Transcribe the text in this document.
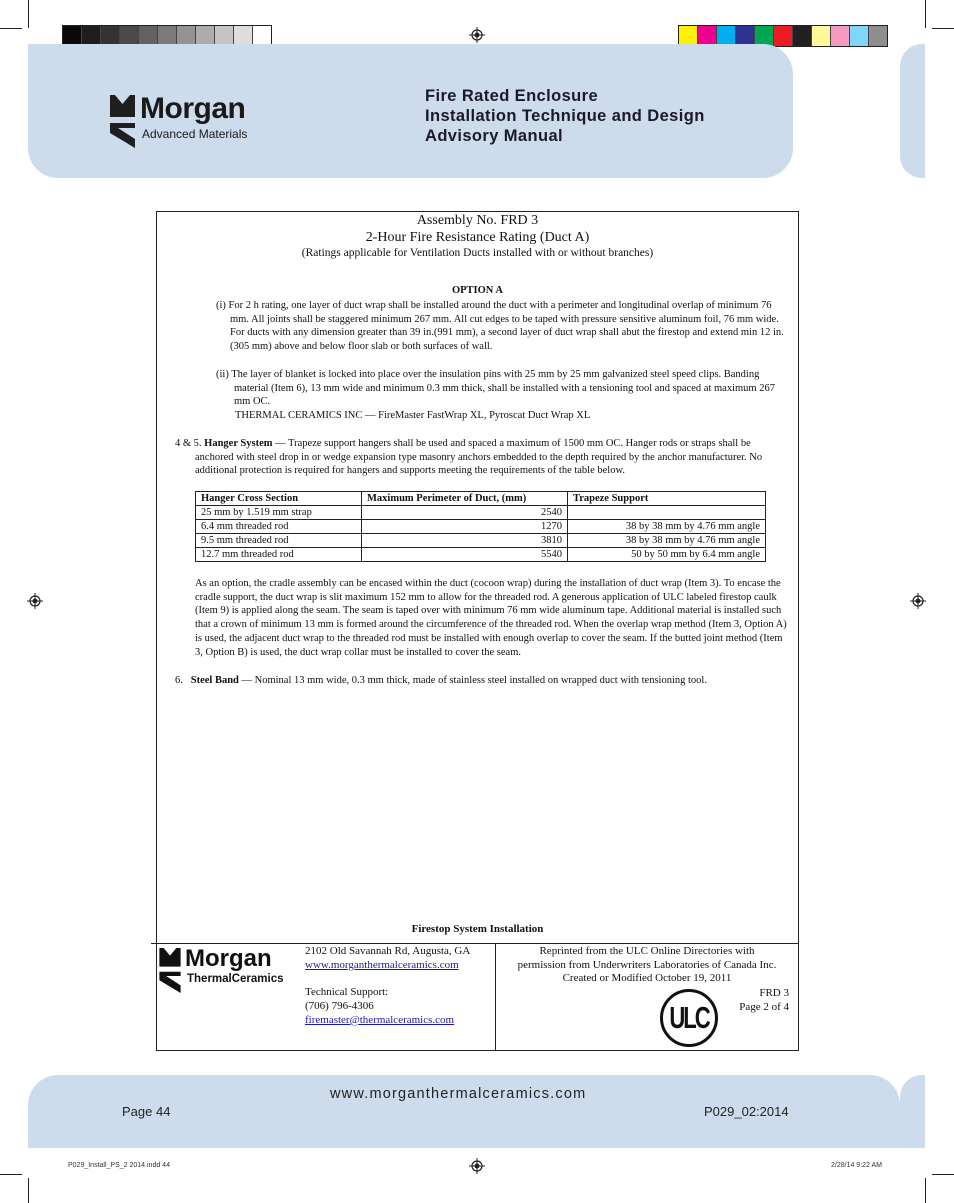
Morgan
Advanced Materials
Fire Rated Enclosure
Installation Technique and Design
Advisory Manual
Assembly No. FRD 3
2-Hour Fire Resistance Rating (Duct A)
(Ratings applicable for Ventilation Ducts installed with or without branches)
OPTION A
(i) For 2 h rating, one layer of duct wrap shall be installed around the duct with a perimeter and longitudinal overlap of minimum 76 mm. All joints shall be staggered minimum 267 mm. All cut edges to be taped with pressure sensitive aluminum foil, 76 mm wide. For ducts with any dimension greater than 39 in.(991 mm), a second layer of duct wrap shall abut the firestop and extend min 12 in. (305 mm) above and below floor slab or both surfaces of wall.
(ii) The layer of blanket is locked into place over the insulation pins with 25 mm by 25 mm galvanized steel speed clips. Banding material (Item 6), 13 mm wide and minimum 0.3 mm thick, shall be installed with a tensioning tool and spaced at maximum 267 mm OC.
THERMAL CERAMICS INC — FireMaster FastWrap XL, Pyroscat Duct Wrap XL
4 & 5. Hanger System — Trapeze support hangers shall be used and spaced a maximum of 1500 mm OC. Hanger rods or straps shall be anchored with steel drop in or wedge expansion type masonry anchors embedded to the depth required by the anchor manufacturer. No additional protection is required for hangers and supports meeting the requirements of the table below.
Hanger Cross Section	Maximum Perimeter of Duct, (mm)	Trapeze Support
25 mm by 1.519 mm strap	2540	
6.4 mm threaded rod	1270	38 by 38 mm by 4.76 mm angle
9.5 mm threaded rod	3810	38 by 38 mm by 4.76 mm angle
12.7 mm threaded rod	5540	50 by 50 mm by 6.4 mm angle
As an option, the cradle assembly can be encased within the duct (cocoon wrap) during the installation of duct wrap (Item 3). To encase the cradle support, the duct wrap is slit maximum 152 mm to allow for the threaded rod. A generous application of ULC labeled firestop caulk (Item 9) is applied along the seam. The seam is taped over with minimum 76 mm wide aluminum tape. Additional material is installed such that a crown of minimum 13 mm is formed around the circumference of the threaded rod. When the overlap wrap method (Item 3, Option A) is used, the adjacent duct wrap to the threaded rod must be installed with enough overlap to cover the seam. If the butted joint method (Item 3, Option B) is used, the duct wrap collar must be installed to cover the seam.
6. Steel Band — Nominal 13 mm wide, 0.3 mm thick, made of stainless steel installed on wrapped duct with tensioning tool.
Firestop System Installation
Morgan
ThermalCeramics
2102 Old Savannah Rd, Augusta, GA
www.morganthermalceramics.com
Technical Support:
(706) 796-4306
firemaster@thermalceramics.com
Reprinted from the ULC Online Directories with
permission from Underwriters Laboratories of Canada Inc.
Created or Modified October 19, 2011
ULC
FRD 3
Page 2 of 4
www.morganthermalceramics.com
Page 44	P029_02:2014
P029_Install_PS_2 2014.indd 44	2/28/14 9:22 AM
